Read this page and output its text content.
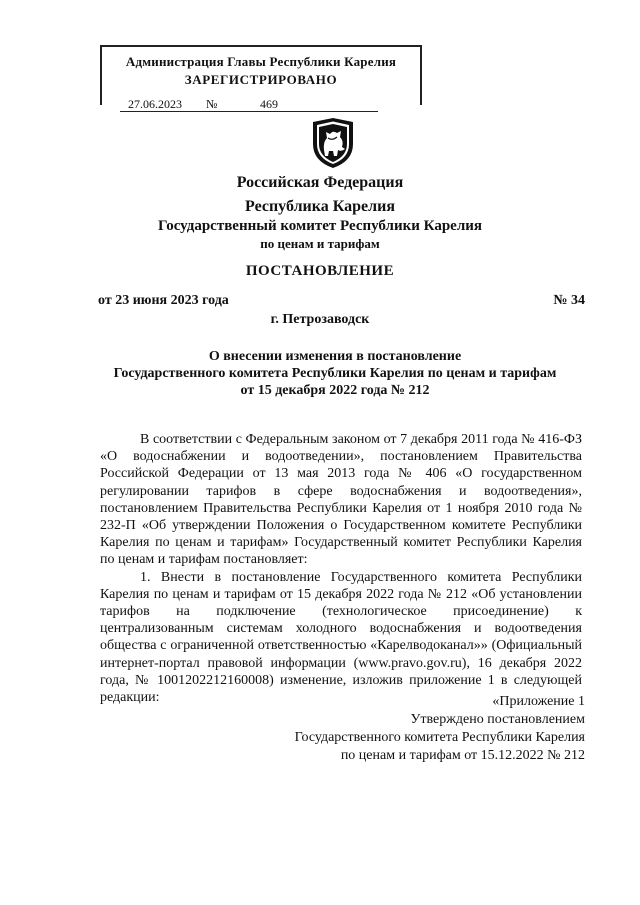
Администрация Главы Республики Карелия
ЗАРЕГИСТРИРОВАНО
27.06.2023 №	469
Российская Федерация
Республика Карелия
Государственный комитет Республики Карелия
по ценам и тарифам
ПОСТАНОВЛЕНИЕ
от 23 июня 2023 года	№ 34
г. Петрозаводск
О внесении изменения в постановление
Государственного комитета Республики Карелия по ценам и тарифам
от 15 декабря 2022 года № 212

В соответствии с Федеральным законом от 7 декабря 2011 года № 416-ФЗ «О водоснабжении и водоотведении», постановлением Правительства Российской Федерации от 13 мая 2013 года № 406 «О государственном регулировании тарифов в сфере водоснабжения и водоотведения», постановлением Правительства Республики Карелия от 1 ноября 2010 года № 232-П «Об утверждении Положения о Государственном комитете Республики Карелия по ценам и тарифам» Государственный комитет Республики Карелия по ценам и тарифам постановляет:

1. Внести в постановление Государственного комитета Республики Карелия по ценам и тарифам от 15 декабря 2022 года № 212 «Об установлении тарифов на подключение (технологическое присоединение) к централизованным системам холодного водоснабжения и водоотведения общества с ограниченной ответственностью «Карелводоканал»» (Официальный интернет-портал правовой информации (www.pravo.gov.ru), 16 декабря 2022 года, № 1001202212160008) изменение, изложив приложение 1 в следующей редакции:	«Приложение 1
Утверждено постановлением
Государственного комитета Республики Карелия
по ценам и тарифам от 15.12.2022 № 212
